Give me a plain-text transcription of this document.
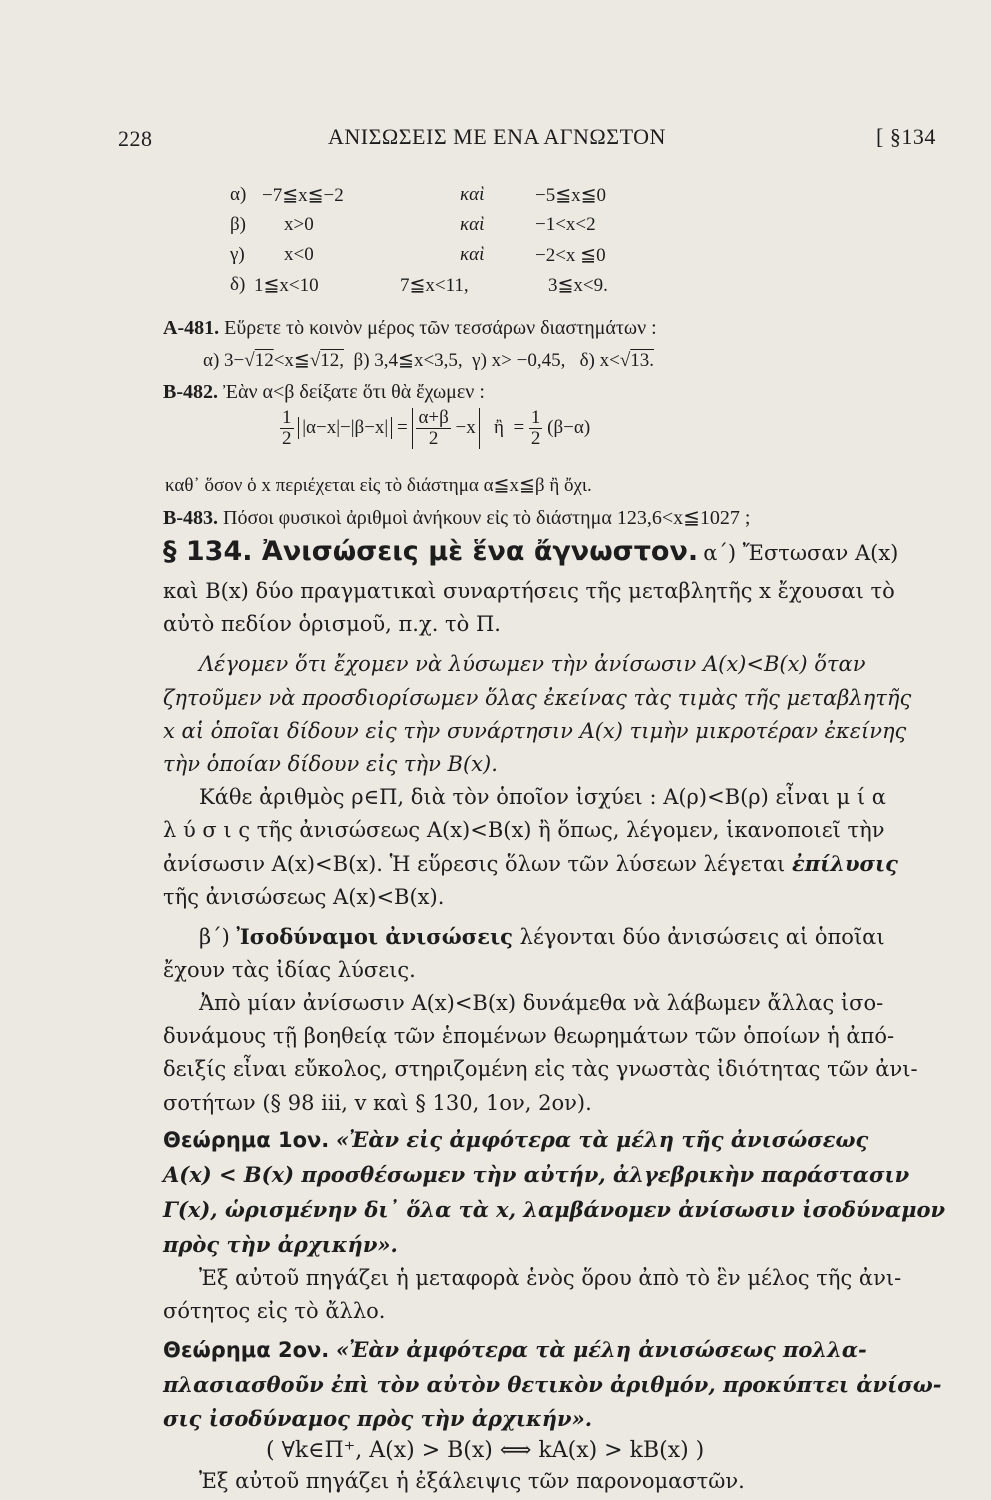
228	ΑΝΙΣΩΣΕΙΣ ΜΕ ΕΝΑ ΑΓΝΩΣΤΟΝ	[ §134
α) −7≦x≦−2	καὶ	−5≦x≦0
β) x>0	καὶ	−1<x<2
γ) x<0	καὶ	−2<x ≦0
δ) 1≦x<10	7≦x<11,	3≦x<9.
A-481. Εὕρετε τὸ κοινὸν μέρος τῶν τεσσάρων διαστημάτων :
α) 3−√12<x≦√12, β) 3,4≦x<3,5, γ) x> −0,45, δ) x<√13.
B-482. Ἐὰν α<β δείξατε ὅτι θὰ ἔχωμεν :
$\frac{1}{2} |\alpha-x|-|\beta-x| = \frac{\alpha+\beta}{2} -x$ ἢ = $\frac{1}{2} (\beta-\alpha)$
καθ᾽ ὅσον ὁ x περιέχεται εἰς τὸ διάστημα α≦x≦β ἢ ὄχι.
B-483. Πόσοι φυσικοὶ ἀριθμοὶ ἀνήκουν εἰς τὸ διάστημα 123,6<x≦1027 ;
§ 134. Ἀνισώσεις μὲ ἕνα ἄγνωστον. α΄) Ἔστωσαν A(x)
καὶ B(x) δύο πραγματικαὶ συναρτήσεις τῆς μεταβλητῆς x ἔχουσαι τὸ
αὐτὸ πεδίον ὁρισμοῦ, π.χ. τὸ Π.
Λέγομεν ὅτι ἔχομεν νὰ λύσωμεν τὴν ἀνίσωσιν A(x)<B(x) ὅταν
ζητοῦμεν νὰ προσδιορίσωμεν ὅλας ἐκείνας τὰς τιμὰς τῆς μεταβλητῆς
x αἱ ὁποῖαι δίδουν εἰς τὴν συνάρτησιν A(x) τιμὴν μικροτέραν ἐκείνης
τὴν ὁποίαν δίδουν εἰς τὴν B(x).
Κάθε ἀριθμὸς ρ∈Π, διὰ τὸν ὁποῖον ἰσχύει : A(ρ)<B(ρ) εἶναι μ ί α
λ ύ σ ι ς τῆς ἀνισώσεως A(x)<B(x) ἢ ὅπως, λέγομεν, ἱκανοποιεῖ τὴν
ἀνίσωσιν A(x)<B(x). Ἡ εὕρεσις ὅλων τῶν λύσεων λέγεται ἐπίλυσις
τῆς ἀνισώσεως A(x)<B(x).
β΄) Ἰσοδύναμοι ἀνισώσεις λέγονται δύο ἀνισώσεις αἱ ὁποῖαι
ἔχουν τὰς ἰδίας λύσεις.
Ἀπὸ μίαν ἀνίσωσιν A(x)<B(x) δυνάμεθα νὰ λάβωμεν ἄλλας ἰσο-
δυνάμους τῇ βοηθείᾳ τῶν ἑπομένων θεωρημάτων τῶν ὁποίων ἡ ἀπό-
δειξίς εἶναι εὔκολος, στηριζομένη εἰς τὰς γνωστὰς ἰδιότητας τῶν ἀνι-
σοτήτων (§ 98 iii, v καὶ § 130, 1ον, 2ον).
Θεώρημα 1ον. «Ἐὰν εἰς ἀμφότερα τὰ μέλη τῆς ἀνισώσεως
A(x) < B(x) προσθέσωμεν τὴν αὐτήν, ἀλγεβρικὴν παράστασιν
Γ(x), ὡρισμένην δι᾽ ὅλα τὰ x, λαμβάνομεν ἀνίσωσιν ἰσοδύναμον
πρὸς τὴν ἀρχικήν».
Ἐξ αὐτοῦ πηγάζει ἡ μεταφορὰ ἑνὸς ὅρου ἀπὸ τὸ ἓν μέλος τῆς ἀνι-
σότητος εἰς τὸ ἄλλο.
Θεώρημα 2ον. «Ἐὰν ἀμφότερα τὰ μέλη ἀνισώσεως πολλα-
πλασιασθοῦν ἐπὶ τὸν αὐτὸν θετικὸν ἀριθμόν, προκύπτει ἀνίσω-
σις ἰσοδύναμος πρὸς τὴν ἀρχικήν».
( ∀k∈Π⁺, A(x) > B(x) ⟺ kA(x) > kB(x) )
Ἐξ αὐτοῦ πηγάζει ἡ ἐξάλειψις τῶν παρονομαστῶν.
